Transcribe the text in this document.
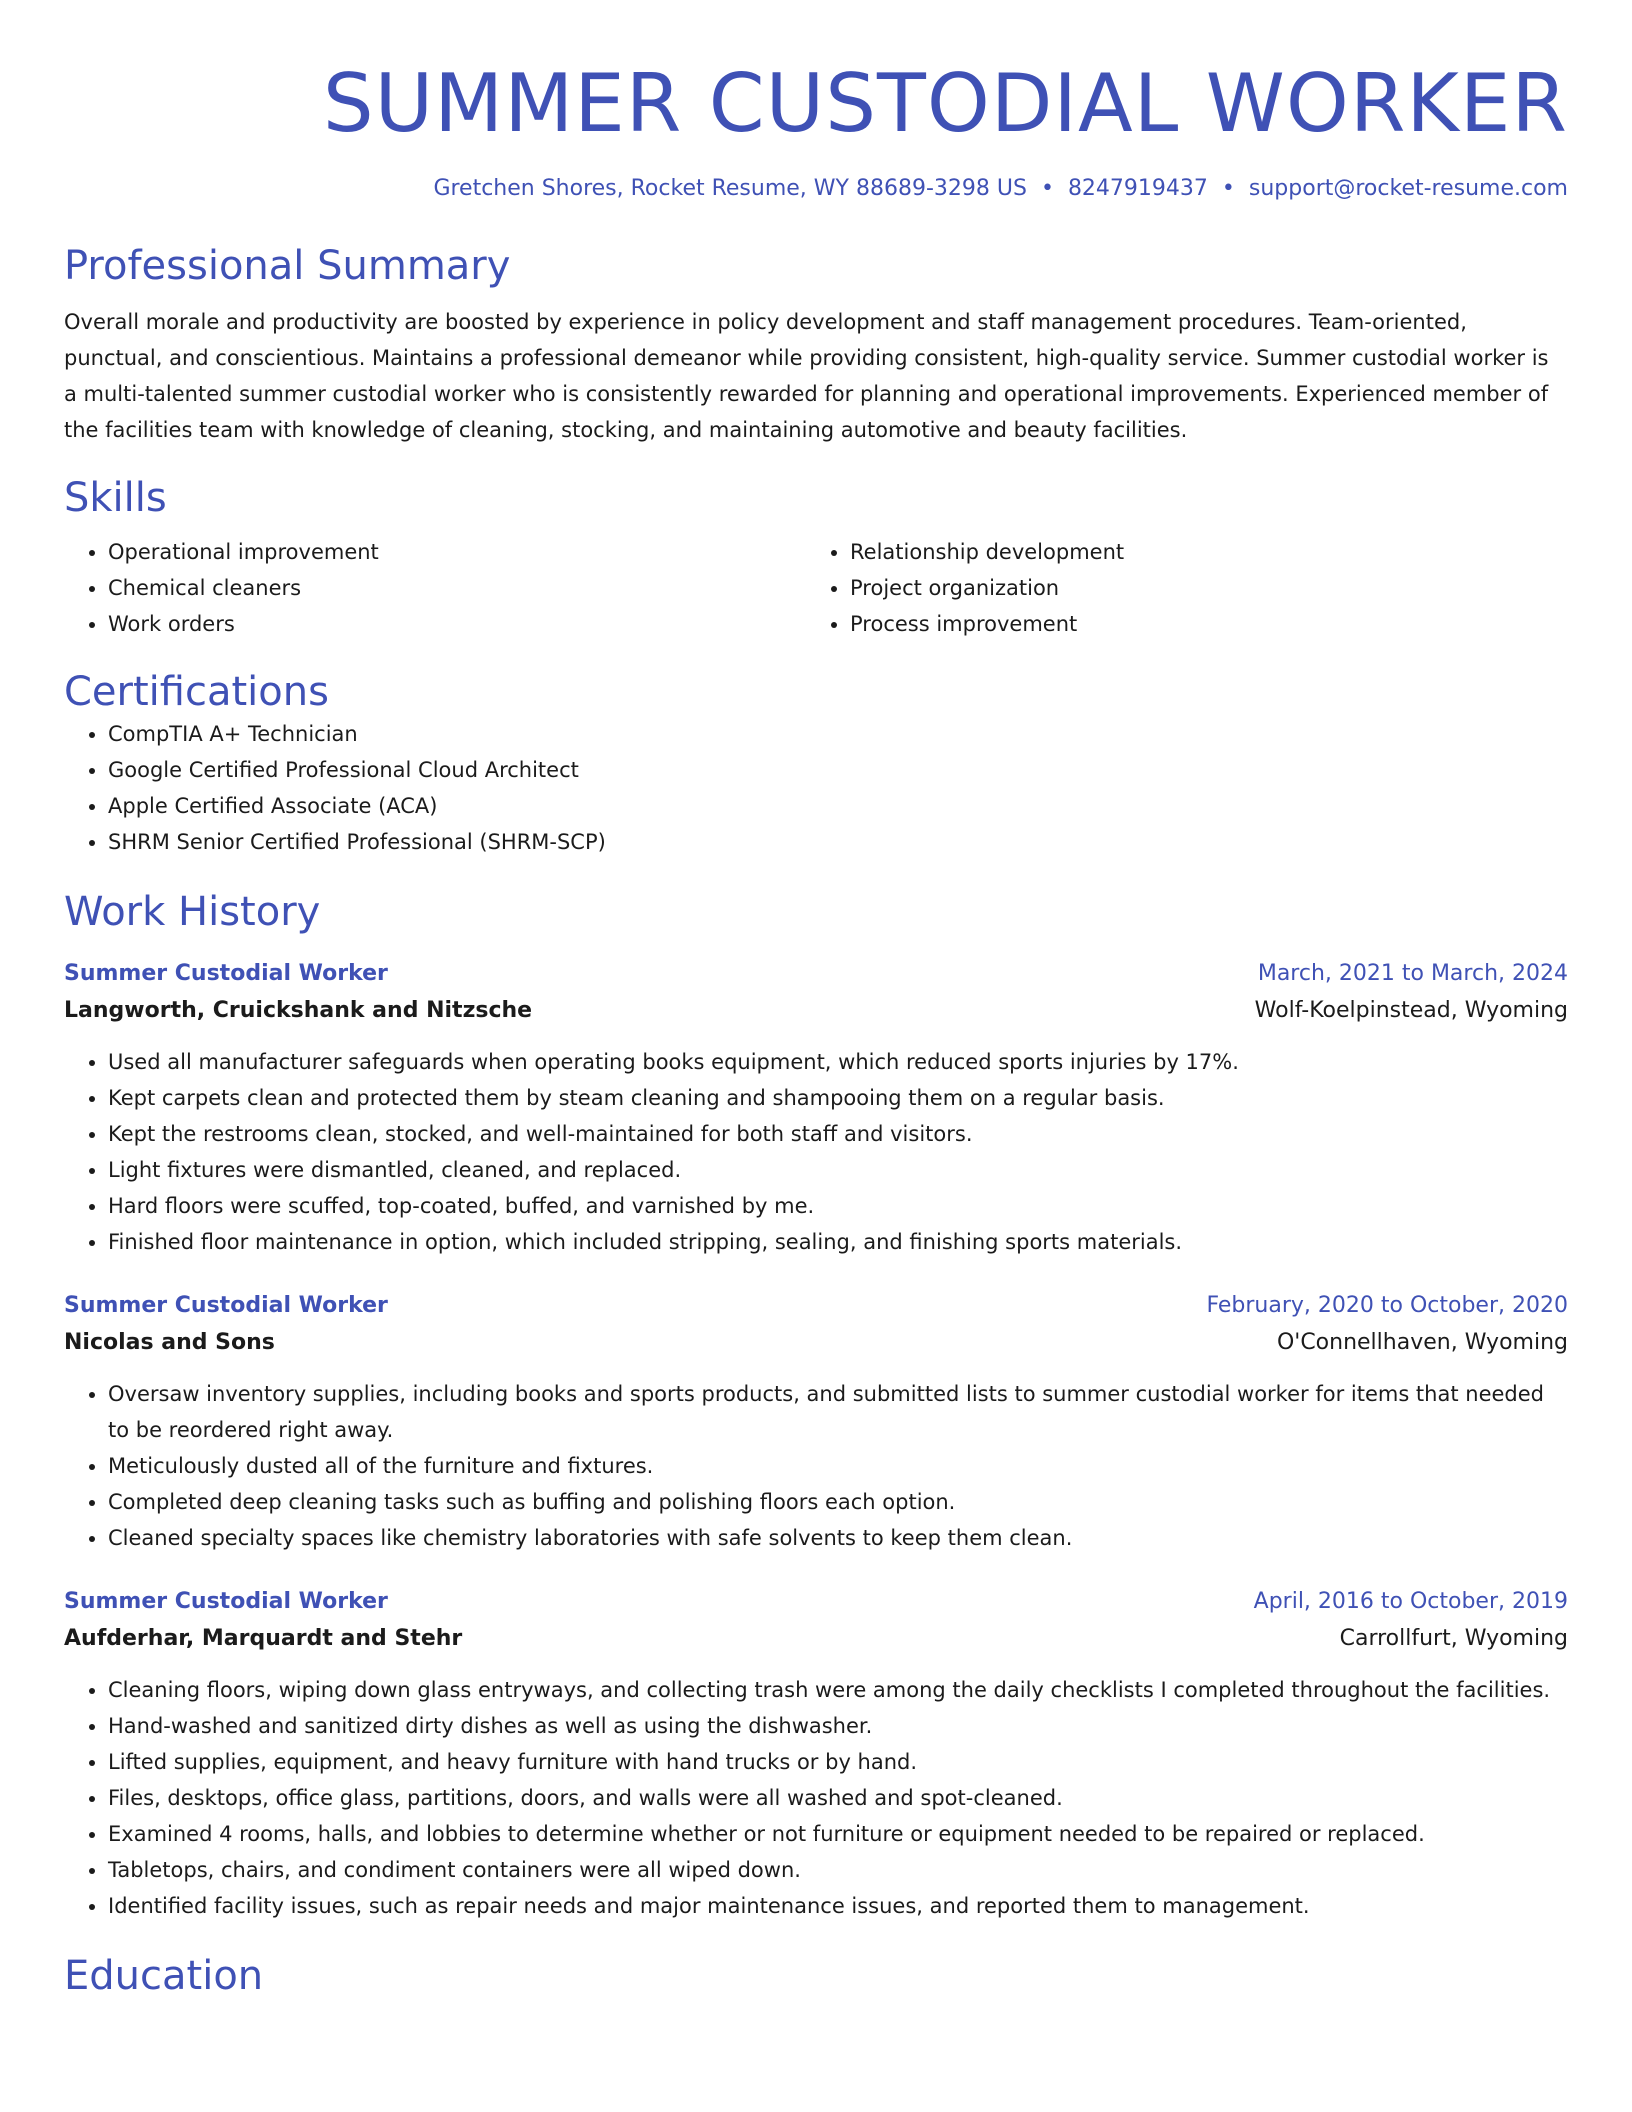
SUMMER CUSTODIAL WORKER
Gretchen Shores, Rocket Resume, WY 88689-3298 US • 8247919437 • support@rocket-resume.com
Professional Summary

Overall morale and productivity are boosted by experience in policy development and staff management procedures. Team-oriented, punctual, and conscientious. Maintains a professional demeanor while providing consistent, high-quality service. Summer custodial worker is a multi-talented summer custodial worker who is consistently rewarded for planning and operational improvements. Experienced member of the facilities team with knowledge of cleaning, stocking, and maintaining automotive and beauty facilities.

Skills
• Operational improvement
• Chemical cleaners
• Work orders
• Relationship development
• Project organization
• Process improvement
Certifications
• CompTIA A+ Technician
• Google Certified Professional Cloud Architect
• Apple Certified Associate (ACA)
• SHRM Senior Certified Professional (SHRM-SCP)
Work History
Summer Custodial Worker	March, 2021 to March, 2024
Langworth, Cruickshank and Nitzsche	Wolf-Koelpinstead, Wyoming
• Used all manufacturer safeguards when operating books equipment, which reduced sports injuries by 17%.
• Kept carpets clean and protected them by steam cleaning and shampooing them on a regular basis.
• Kept the restrooms clean, stocked, and well-maintained for both staff and visitors.
• Light fixtures were dismantled, cleaned, and replaced.
• Hard floors were scuffed, top-coated, buffed, and varnished by me.
• Finished floor maintenance in option, which included stripping, sealing, and finishing sports materials.
Summer Custodial Worker	February, 2020 to October, 2020
Nicolas and Sons	O'Connellhaven, Wyoming
• Oversaw inventory supplies, including books and sports products, and submitted lists to summer custodial worker for items that needed to be reordered right away.
• Meticulously dusted all of the furniture and fixtures.
• Completed deep cleaning tasks such as buffing and polishing floors each option.
• Cleaned specialty spaces like chemistry laboratories with safe solvents to keep them clean.
Summer Custodial Worker	April, 2016 to October, 2019
Aufderhar, Marquardt and Stehr	Carrollfurt, Wyoming
• Cleaning floors, wiping down glass entryways, and collecting trash were among the daily checklists I completed throughout the facilities.
• Hand-washed and sanitized dirty dishes as well as using the dishwasher.
• Lifted supplies, equipment, and heavy furniture with hand trucks or by hand.
• Files, desktops, office glass, partitions, doors, and walls were all washed and spot-cleaned.
• Examined 4 rooms, halls, and lobbies to determine whether or not furniture or equipment needed to be repaired or replaced.
• Tabletops, chairs, and condiment containers were all wiped down.
• Identified facility issues, such as repair needs and major maintenance issues, and reported them to management.
Education
